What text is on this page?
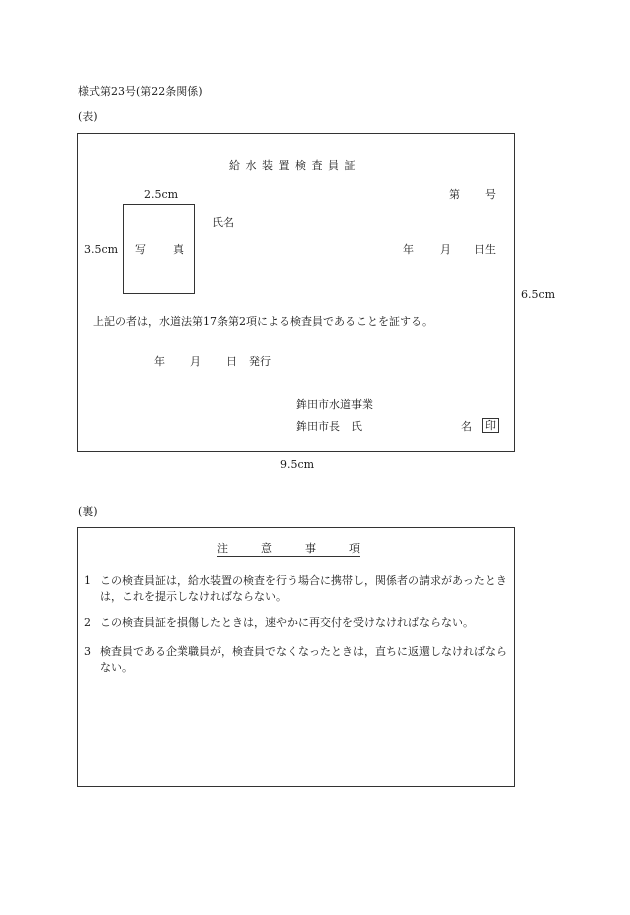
様式第23号(第22条関係)
(表)
給 水 装 置 検 査 員 証
第 号
2.5cm
写 真
3.5cm
氏名
年 月 日生
6.5cm
上記の者は，水道法第17条第2項による検査員であることを証する。
年 月 日 発行
鉾田市水道事業
鉾田市長　氏	名 印
9.5cm
(裏)
注　　　意　　　事　　　項
1 この検査員証は，給水装置の検査を行う場合に携帯し，関係者の請求があったときは，これを提示しなければならない。
2 この検査員証を損傷したときは，速やかに再交付を受けなければならない。
3 検査員である企業職員が，検査員でなくなったときは，直ちに返還しなければならない。
